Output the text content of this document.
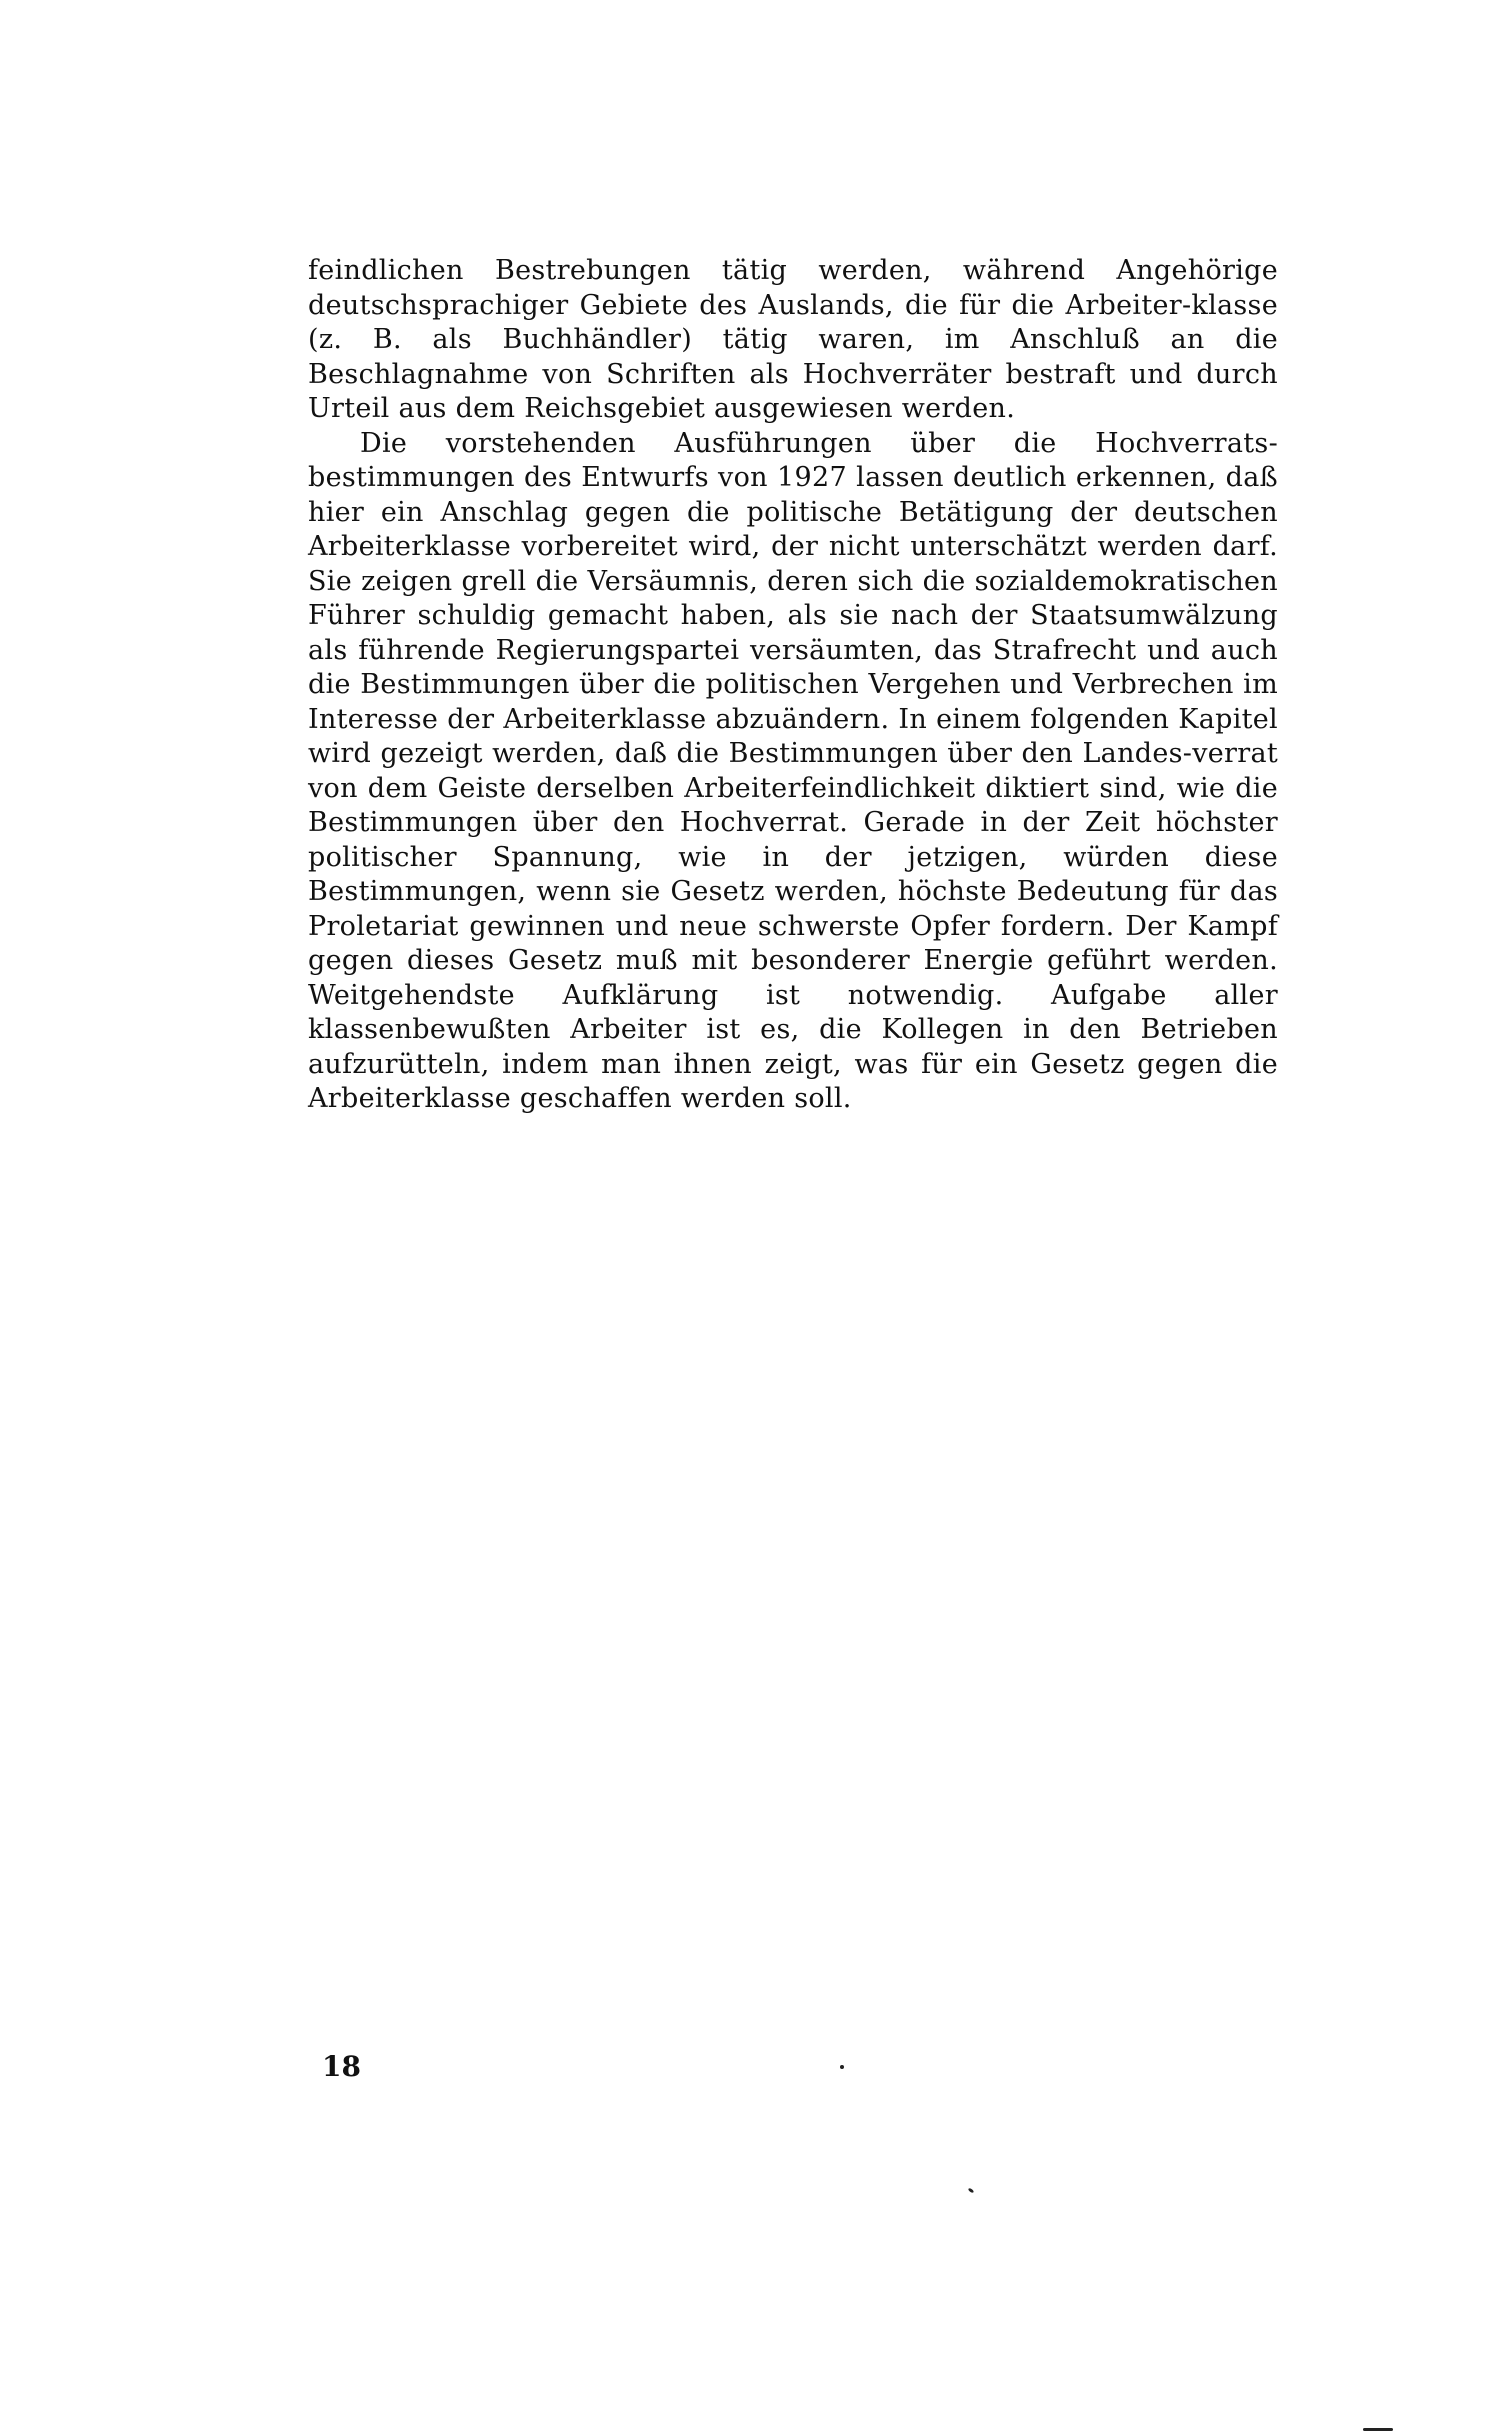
feindlichen Bestrebungen tätig werden, während Angehörige deutschsprachiger Gebiete des Auslands, die für die Arbeiter-klasse (z. B. als Buchhändler) tätig waren, im Anschluß an die Beschlagnahme von Schriften als Hochverräter bestraft und durch Urteil aus dem Reichsgebiet ausgewiesen werden.

Die vorstehenden Ausführungen über die Hochverrats-bestimmungen des Entwurfs von 1927 lassen deutlich erkennen, daß hier ein Anschlag gegen die politische Betätigung der deutschen Arbeiterklasse vorbereitet wird, der nicht unterschätzt werden darf. Sie zeigen grell die Versäumnis, deren sich die sozialdemokratischen Führer schuldig gemacht haben, als sie nach der Staatsumwälzung als führende Regierungspartei versäumten, das Strafrecht und auch die Bestimmungen über die politischen Vergehen und Verbrechen im Interesse der Arbeiterklasse abzuändern. In einem folgenden Kapitel wird gezeigt werden, daß die Bestimmungen über den Landes-verrat von dem Geiste derselben Arbeiterfeindlichkeit diktiert sind, wie die Bestimmungen über den Hochverrat. Gerade in der Zeit höchster politischer Spannung, wie in der jetzigen, würden diese Bestimmungen, wenn sie Gesetz werden, höchste Bedeutung für das Proletariat gewinnen und neue schwerste Opfer fordern. Der Kampf gegen dieses Gesetz muß mit besonderer Energie geführt werden. Weitgehendste Aufklärung ist notwendig. Aufgabe aller klassenbewußten Arbeiter ist es, die Kollegen in den Betrieben aufzurütteln, indem man ihnen zeigt, was für ein Gesetz gegen die Arbeiterklasse geschaffen werden soll.

18
